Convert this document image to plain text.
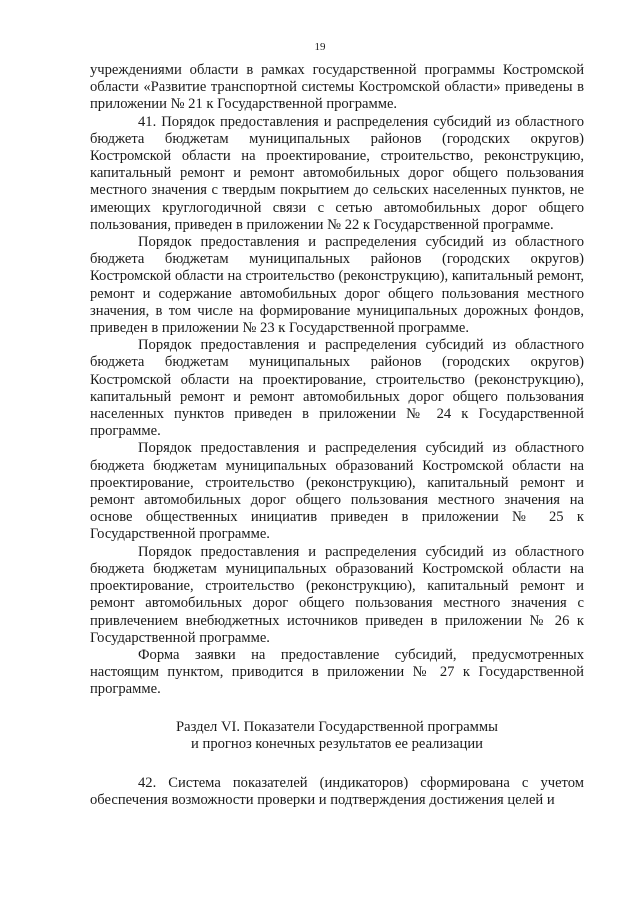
19

учреждениями области в рамках государственной программы Костромской области «Развитие транспортной системы Костромской области» приведены в приложении № 21 к Государственной программе.

41. Порядок предоставления и распределения субсидий из областного бюджета бюджетам муниципальных районов (городских округов) Костромской области на проектирование, строительство, реконструкцию, капитальный ремонт и ремонт автомобильных дорог общего пользования местного значения с твердым покрытием до сельских населенных пунктов, не имеющих круглогодичной связи с сетью автомобильных дорог общего пользования, приведен в приложении № 22 к Государственной программе.

Порядок предоставления и распределения субсидий из областного бюджета бюджетам муниципальных районов (городских округов) Костромской области на строительство (реконструкцию), капитальный ремонт, ремонт и содержание автомобильных дорог общего пользования местного значения, в том числе на формирование муниципальных дорожных фондов, приведен в приложении № 23 к Государственной программе.

Порядок предоставления и распределения субсидий из областного бюджета бюджетам муниципальных районов (городских округов) Костромской области на проектирование, строительство (реконструкцию), капитальный ремонт и ремонт автомобильных дорог общего пользования населенных пунктов приведен в приложении № 24 к Государственной программе.

Порядок предоставления и распределения субсидий из областного бюджета бюджетам муниципальных образований Костромской области на проектирование, строительство (реконструкцию), капитальный ремонт и ремонт автомобильных дорог общего пользования местного значения на основе общественных инициатив приведен в приложении № 25 к Государственной программе.

Порядок предоставления и распределения субсидий из областного бюджета бюджетам муниципальных образований Костромской области на проектирование, строительство (реконструкцию), капитальный ремонт и ремонт автомобильных дорог общего пользования местного значения с привлечением внебюджетных источников приведен в приложении № 26 к Государственной программе.

Форма заявки на предоставление субсидий, предусмотренных настоящим пунктом, приводится в приложении № 27 к Государственной программе.

Раздел VI. Показатели Государственной программы
и прогноз конечных результатов ее реализации

42. Система показателей (индикаторов) сформирована с учетом обеспечения возможности проверки и подтверждения достижения целей и
